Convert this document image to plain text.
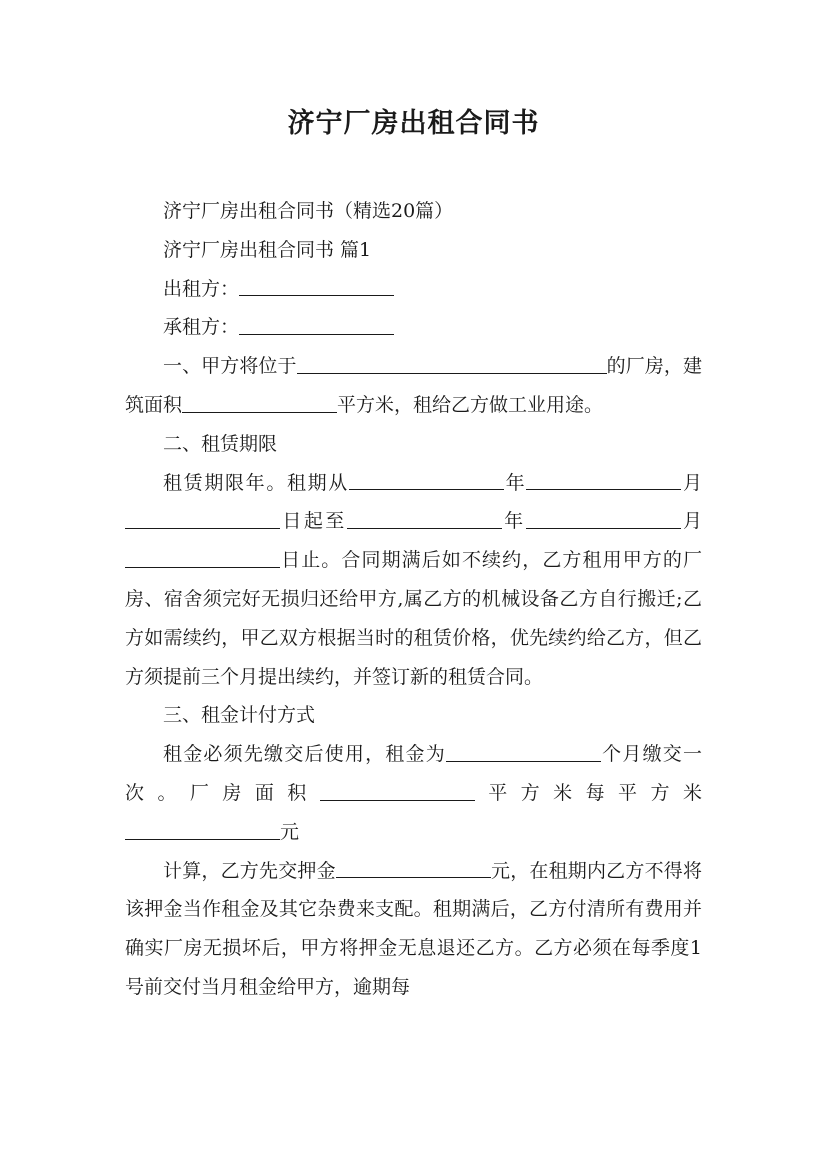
济宁厂房出租合同书

济宁厂房出租合同书（精选20篇）

济宁厂房出租合同书 篇1

出租方：

承租方：

一、甲方将位于	的厂房，建筑面积	平方米，租给乙方做工业用途。

二、租赁期限

租赁期限年。租期从	年	月日起至	年	月日止。合同期满后如不续约，乙方租用甲方的厂房、宿舍须完好无损归还给甲方,属乙方的机械设备乙方自行搬迁;乙方如需续约，甲乙双方根据当时的租赁价格，优先续约给乙方，但乙方须提前三个月提出续约，并签订新的租赁合同。

三、租金计付方式

租金必须先缴交后使用，租金为	个月缴交一次。厂房面积	平方米每平方米

元

计算，乙方先交押金	元，在租期内乙方不得将该押金当作租金及其它杂费来支配。租期满后，乙方付清所有费用并确实厂房无损坏后，甲方将押金无息退还乙方。乙方必须在每季度1号前交付当月租金给甲方，逾期每
